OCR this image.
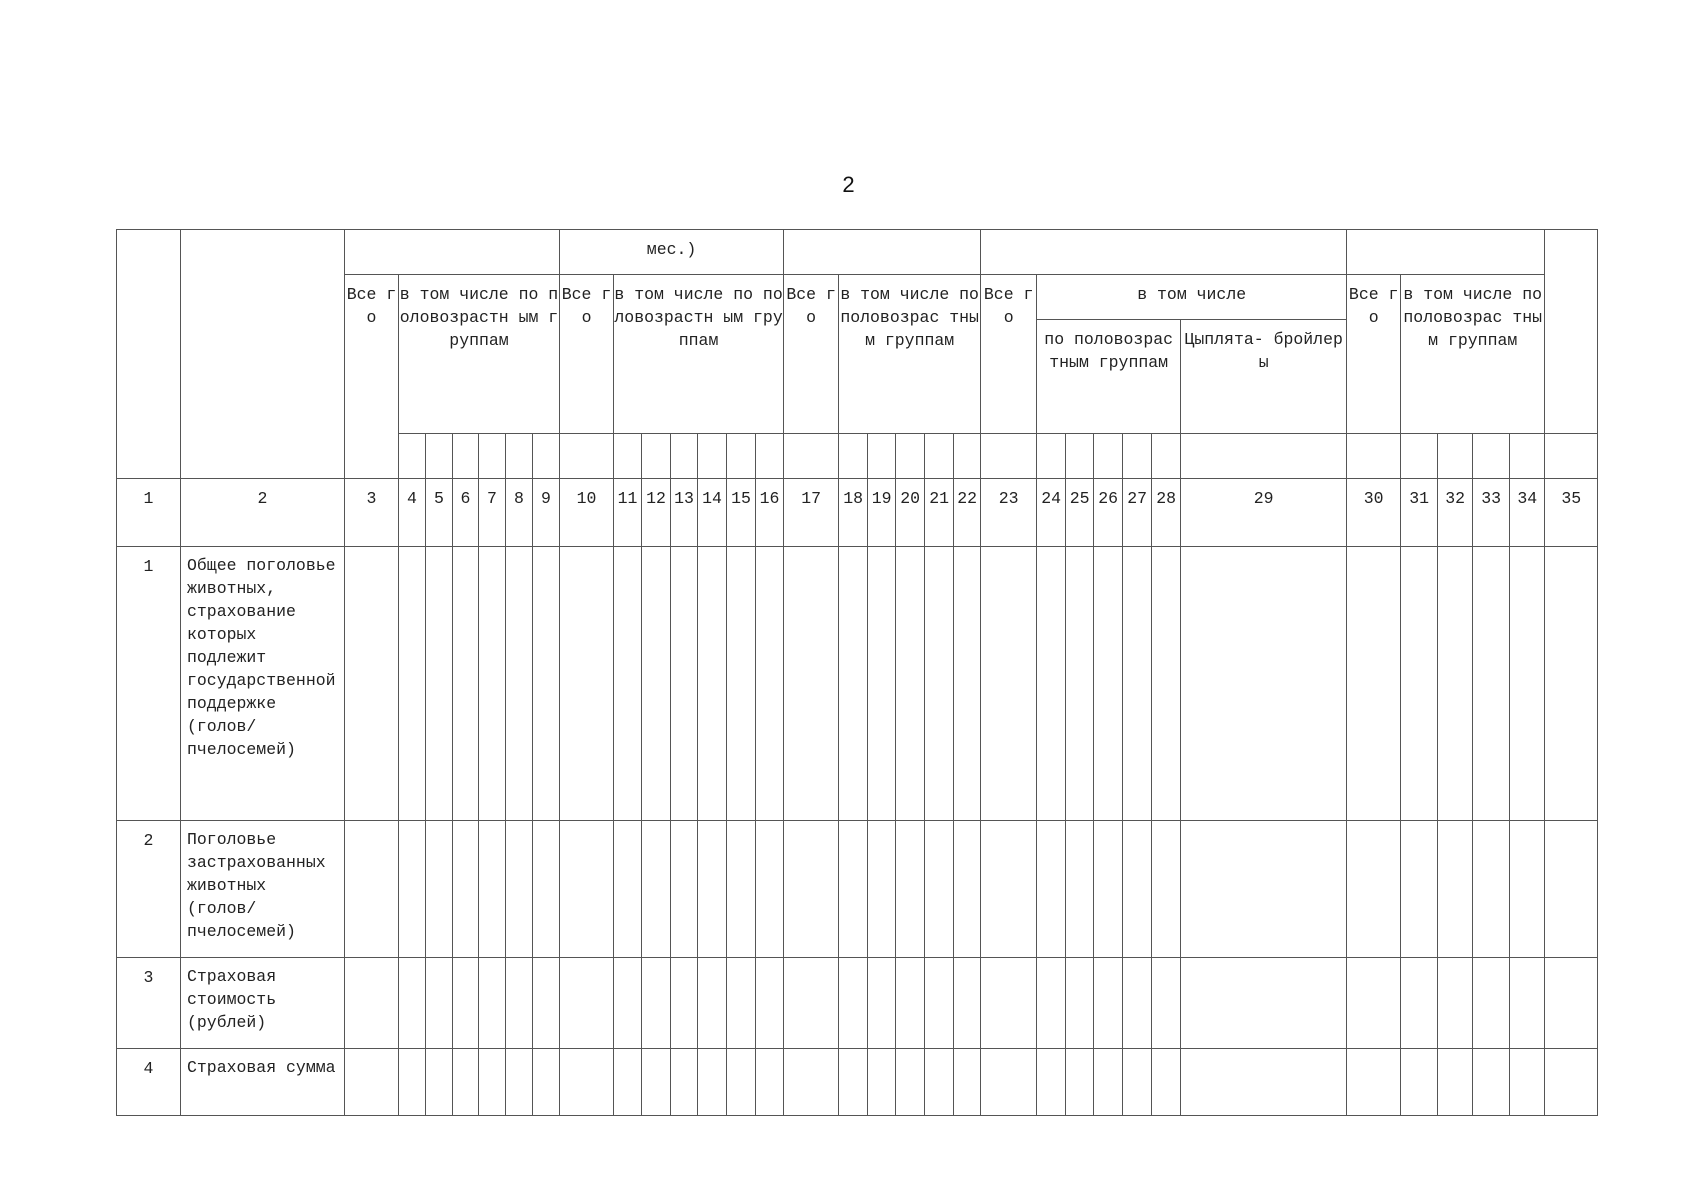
2
									мес.)																									
		Все го	в том числе по половозрастн ым группам						Все го	в том числе по половозрастн ым группам						Все го	в том числе по половозрас тным группам					Все го	в том числе						Все го	в том числе по половозрас тным группам				
																							по половозрас тным группам					Цыплята- бройлеры						

1	2	3	4	5	6	7	8	9	10	11	12	13	14	15	16	17	18	19	20	21	22	23	24	25	26	27	28	29	30	31	32	33	34	35
1	Общее поголовье животных, страхование которых подлежит государственной поддержке (голов/пчелосемей)																																	
2	Поголовье застрахованных животных (голов/пчелосемей)																																	
3	Страховая стоимость (рублей)																																	
4	Страховая сумма																																	
